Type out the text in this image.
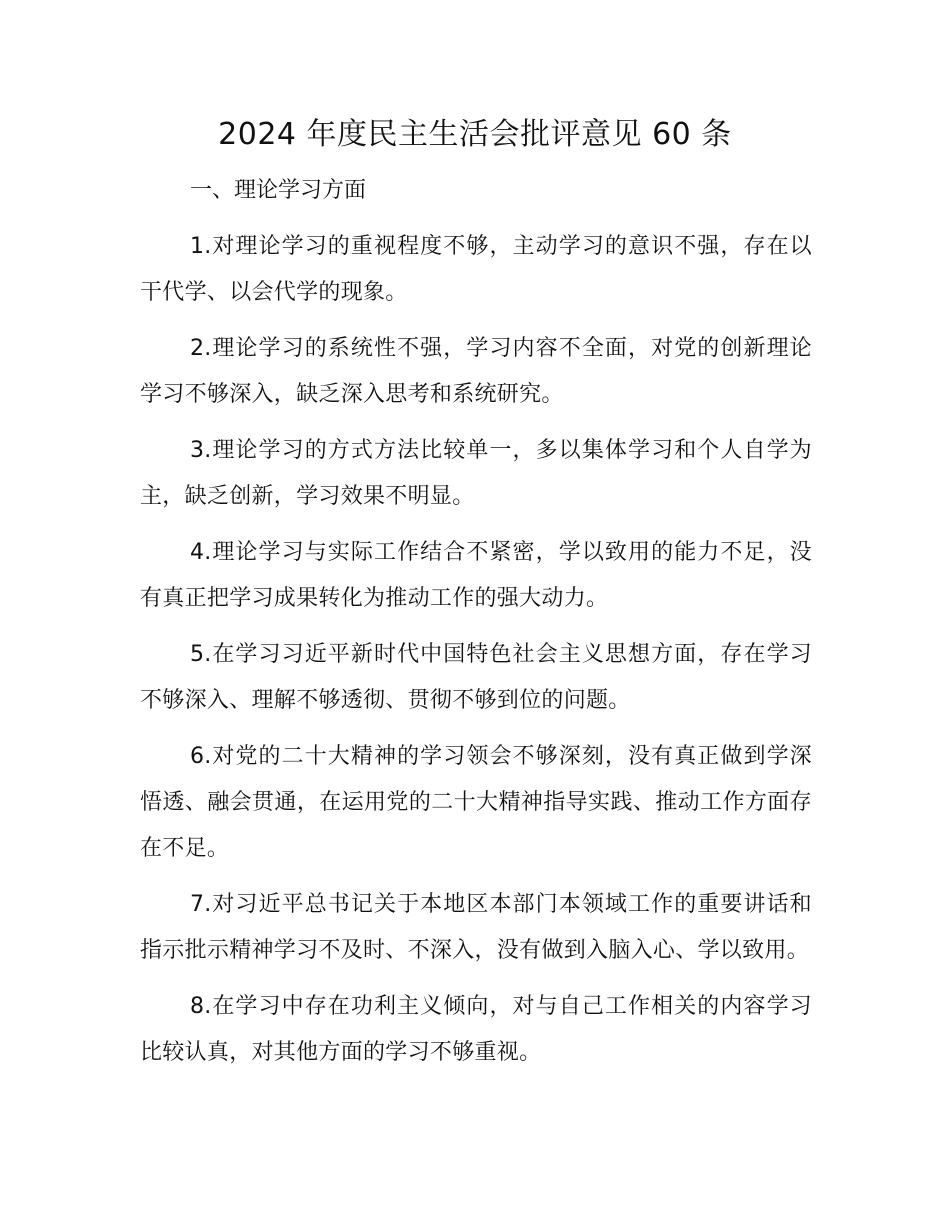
2024 年度民主生活会批评意见 60 条
一、理论学习方面

1.对理论学习的重视程度不够，主动学习的意识不强，存在以干代学、以会代学的现象。

2.理论学习的系统性不强，学习内容不全面，对党的创新理论学习不够深入，缺乏深入思考和系统研究。

3.理论学习的方式方法比较单一，多以集体学习和个人自学为主，缺乏创新，学习效果不明显。

4.理论学习与实际工作结合不紧密，学以致用的能力不足，没有真正把学习成果转化为推动工作的强大动力。

5.在学习习近平新时代中国特色社会主义思想方面，存在学习不够深入、理解不够透彻、贯彻不够到位的问题。

6.对党的二十大精神的学习领会不够深刻，没有真正做到学深悟透、融会贯通，在运用党的二十大精神指导实践、推动工作方面存在不足。

7.对习近平总书记关于本地区本部门本领域工作的重要讲话和指示批示精神学习不及时、不深入，没有做到入脑入心、学以致用。

8.在学习中存在功利主义倾向，对与自己工作相关的内容学习比较认真，对其他方面的学习不够重视。
